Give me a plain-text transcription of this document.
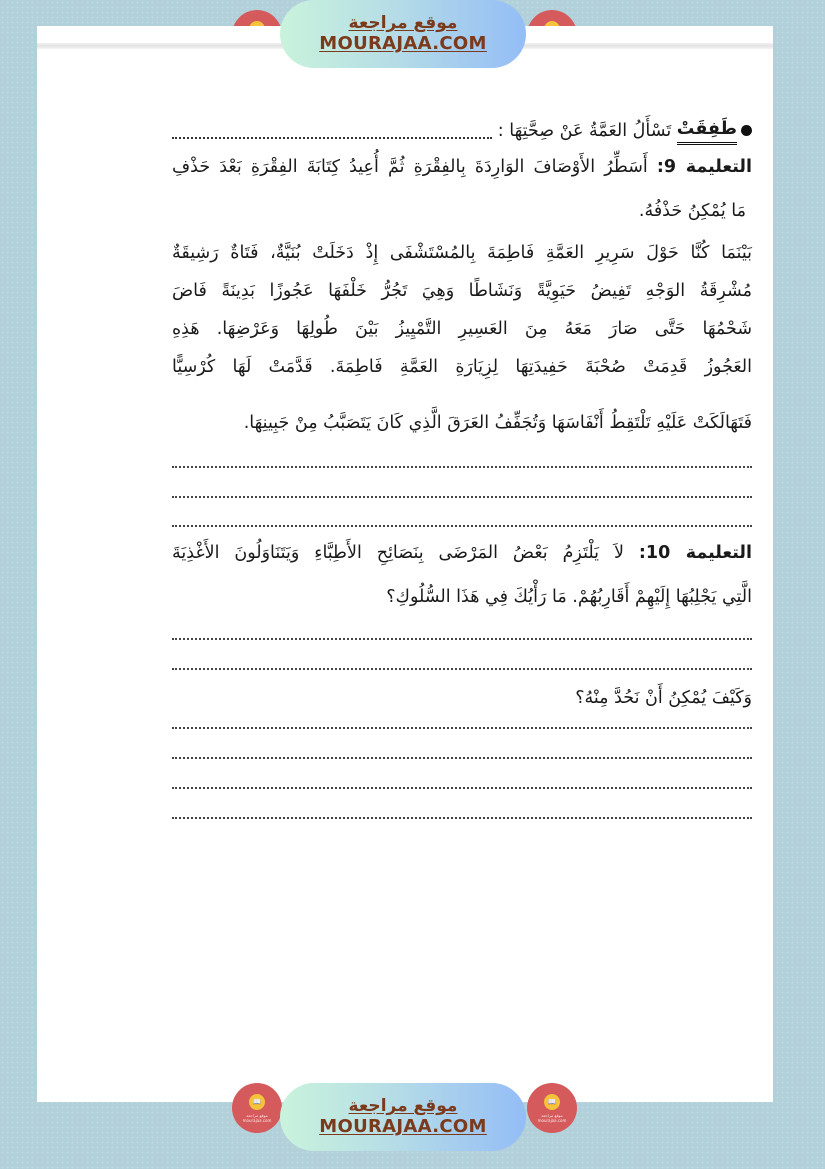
موقع مراجعة
MOURAJAA.COM
طَفِقَتْ

تَسْأَلُ العَمَّةُ عَنْ صِحَّتِهَا :
التعليمة 9: أَسَطِّرُ الأَوْصَافَ الوَارِدَةَ بِالفِقْرَةِ ثُمَّ أُعِيدُ كِتَابَةَ الفِقْرَةِ بَعْدَ حَذْفِ
مَا يُمْكِنُ حَذْفُهُ.
بَيْنَمَا كُنَّا حَوْلَ سَرِيرِ العَمَّةِ فَاطِمَةَ بِالمُسْتَشْفَى إِذْ دَخَلَتْ بُنَيَّةٌ، فَتَاةٌ رَشِيقَةٌ
مُشْرِقَةُ الوَجْهِ تَفِيضُ حَيَوِيَّةً وَنَشَاطًا وَهِيَ تَجُرُّ خَلْفَهَا عَجُوزًا بَدِينَةً فَاضَ
شَحْمُهَا حَتَّى صَارَ مَعَهُ مِنَ العَسِيرِ التَّمْيِيزُ بَيْنَ طُولِهَا وَعَرْضِهَا. هَذِهِ
العَجُوزُ قَدِمَتْ صُحْبَةَ حَفِيدَتِهَا لِزِيَارَةِ العَمَّةِ فَاطِمَةَ. قَدَّمَتْ لَهَا كُرْسِيًّا
فَتَهَالَكَتْ عَلَيْهِ تَلْتَقِطُ أَنْفَاسَهَا وَتُجَفِّفُ العَرَقَ الَّذِي كَانَ يَتَصَبَّبُ مِنْ جَبِينِهَا.
التعليمة 10: لاَ يَلْتَزِمُ بَعْضُ المَرْضَى بِنَصَائِحِ الأَطِبَّاءِ وَيَتَنَاوَلُونَ الأَغْذِيَةَ
الَّتِي يَجْلِبُهَا إِلَيْهِمْ أَقَارِبُهُمْ. مَا رَأْيُكَ فِي هَذَا السُّلُوكِ؟
وَكَيْفَ يُمْكِنُ أَنْ نَحُدَّ مِنْهُ؟
📖
موقع مراجعة
mourajaa.com
📖
موقع مراجعة
mourajaa.com
موقع مراجعة
MOURAJAA.COM
